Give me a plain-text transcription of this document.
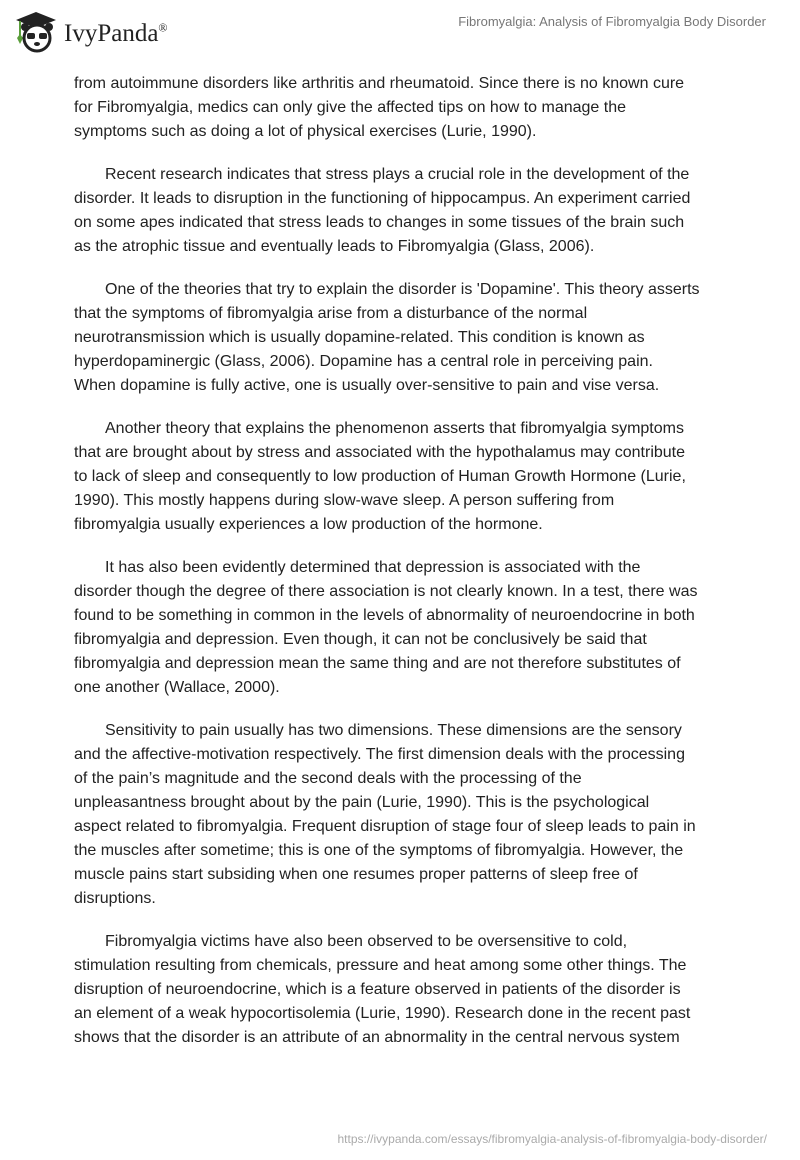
IvyPanda®	Fibromyalgia: Analysis of Fibromyalgia Body Disorder

from autoimmune disorders like arthritis and rheumatoid. Since there is no known cure
for Fibromyalgia, medics can only give the affected tips on how to manage the
symptoms such as doing a lot of physical exercises (Lurie, 1990).

Recent research indicates that stress plays a crucial role in the development of the
disorder. It leads to disruption in the functioning of hippocampus. An experiment carried
on some apes indicated that stress leads to changes in some tissues of the brain such
as the atrophic tissue and eventually leads to Fibromyalgia (Glass, 2006).

One of the theories that try to explain the disorder is 'Dopamine'. This theory asserts
that the symptoms of fibromyalgia arise from a disturbance of the normal
neurotransmission which is usually dopamine-related. This condition is known as
hyperdopaminergic (Glass, 2006). Dopamine has a central role in perceiving pain.
When dopamine is fully active, one is usually over-sensitive to pain and vise versa.

Another theory that explains the phenomenon asserts that fibromyalgia symptoms
that are brought about by stress and associated with the hypothalamus may contribute
to lack of sleep and consequently to low production of Human Growth Hormone (Lurie,
1990). This mostly happens during slow-wave sleep. A person suffering from
fibromyalgia usually experiences a low production of the hormone.

It has also been evidently determined that depression is associated with the
disorder though the degree of there association is not clearly known. In a test, there was
found to be something in common in the levels of abnormality of neuroendocrine in both
fibromyalgia and depression. Even though, it can not be conclusively be said that
fibromyalgia and depression mean the same thing and are not therefore substitutes of
one another (Wallace, 2000).

Sensitivity to pain usually has two dimensions. These dimensions are the sensory
and the affective-motivation respectively. The first dimension deals with the processing
of the pain’s magnitude and the second deals with the processing of the
unpleasantness brought about by the pain (Lurie, 1990). This is the psychological
aspect related to fibromyalgia. Frequent disruption of stage four of sleep leads to pain in
the muscles after sometime; this is one of the symptoms of fibromyalgia. However, the
muscle pains start subsiding when one resumes proper patterns of sleep free of
disruptions.

Fibromyalgia victims have also been observed to be oversensitive to cold,
stimulation resulting from chemicals, pressure and heat among some other things. The
disruption of neuroendocrine, which is a feature observed in patients of the disorder is
an element of a weak hypocortisolemia (Lurie, 1990). Research done in the recent past
shows that the disorder is an attribute of an abnormality in the central nervous system

https://ivypanda.com/essays/fibromyalgia-analysis-of-fibromyalgia-body-disorder/
